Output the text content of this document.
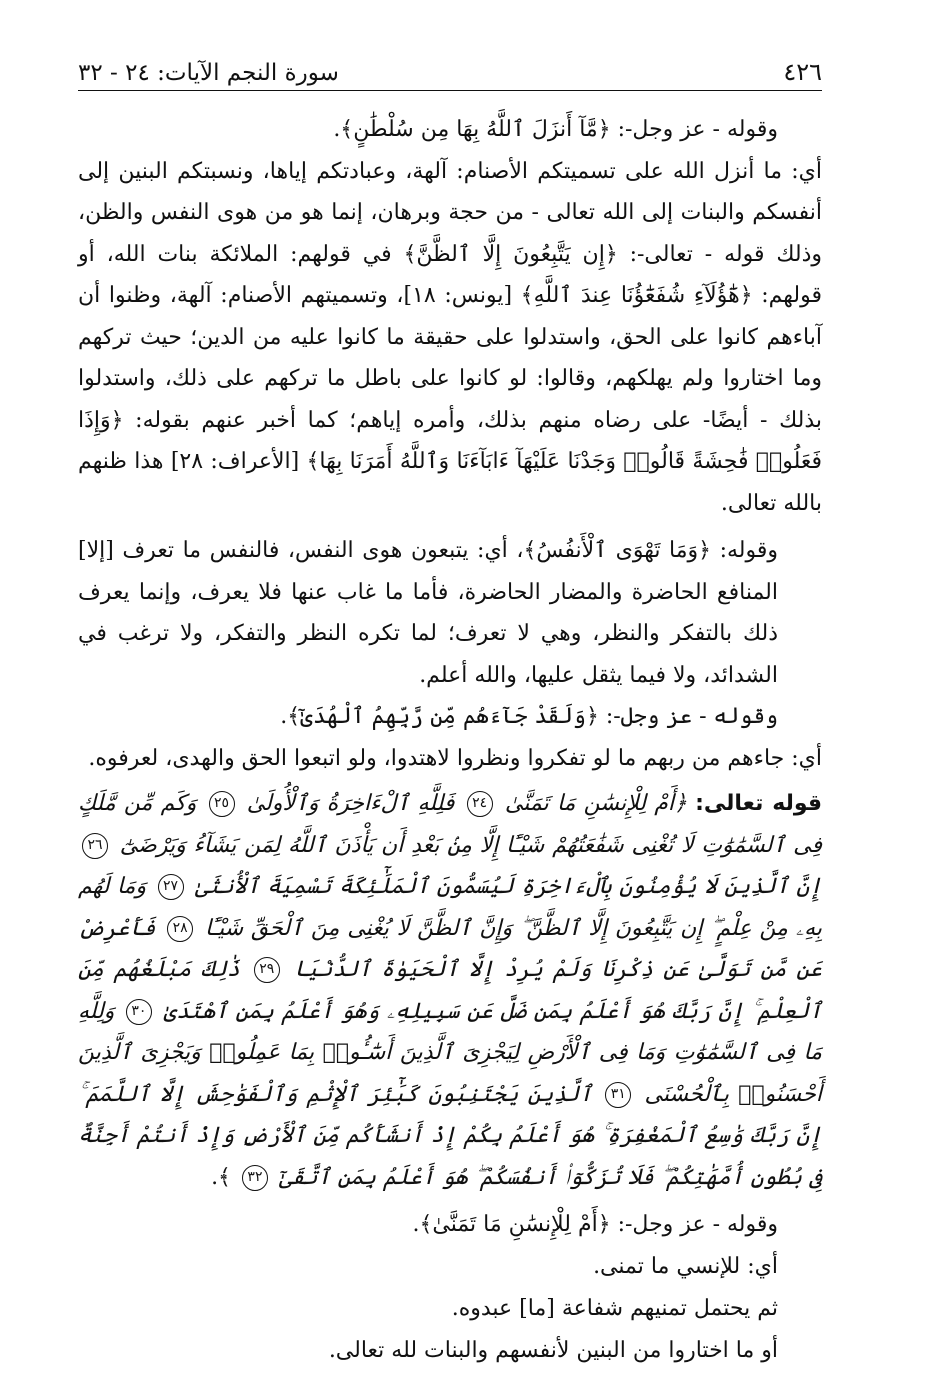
٤٢٦
سورة النجم الآيات: ٢٤ - ٣٢

وقوله - عز وجل-: ﴿مَّآ أَنزَلَ ٱللَّهُ بِهَا مِن سُلْطَٰنٍ﴾.

أي: ما أنزل الله على تسميتكم الأصنام: آلهة، وعبادتكم إياها، ونسبتكم البنين إلى أنفسكم والبنات إلى الله تعالى - من حجة وبرهان، إنما هو من هوى النفس والظن، وذلك قوله - تعالى-: ﴿إِن يَتَّبِعُونَ إِلَّا ٱلظَّنَّ﴾ في قولهم: الملائكة بنات الله، أو قولهم: ﴿هَٰٓؤُلَآءِ شُفَعَٰٓؤُنَا عِندَ ٱللَّهِ﴾ [يونس: ١٨]، وتسميتهم الأصنام: آلهة، وظنوا أن آباءهم كانوا على الحق، واستدلوا على حقيقة ما كانوا عليه من الدين؛ حيث تركهم وما اختاروا ولم يهلكهم، وقالوا: لو كانوا على باطل ما تركهم على ذلك، واستدلوا بذلك - أيضًا- على رضاه منهم بذلك، وأمره إياهم؛ كما أخبر عنهم بقوله: ﴿وَإِذَا فَعَلُوا۟ فَٰحِشَةً قَالُوا۟ وَجَدْنَا عَلَيْهَآ ءَابَآءَنَا وَٱللَّهُ أَمَرَنَا بِهَا﴾ [الأعراف: ٢٨] هذا ظنهم بالله تعالى.

وقوله: ﴿وَمَا تَهْوَى ٱلْأَنفُسُ﴾، أي: يتبعون هوى النفس، فالنفس ما تعرف [إلا] المنافع الحاضرة والمضار الحاضرة، فأما ما غاب عنها فلا يعرف، وإنما يعرف ذلك بالتفكر والنظر، وهي لا تعرف؛ لما تكره النظر والتفكر، ولا ترغب في الشدائد، ولا فيما يثقل عليها، والله أعلم.

وقوله - عز وجل-: ﴿وَلَقَدْ جَآءَهُم مِّن رَّبِّهِمُ ٱلْهُدَىٰٓ﴾.

أي: جاءهم من ربهم ما لو تفكروا ونظروا لاهتدوا، ولو اتبعوا الحق والهدى، لعرفوه.

قوله تعالى: ﴿أَمْ لِلْإِنسَٰنِ مَا تَمَنَّىٰ ٢٤ فَلِلَّهِ ٱلْءَاخِرَةُ وَٱلْأُولَىٰ ٢٥ وَكَم مِّن مَّلَكٍ فِى ٱلسَّمَٰوَٰتِ لَا تُغْنِى شَفَٰعَتُهُمْ شَيْـًٔا إِلَّا مِنۢ بَعْدِ أَن يَأْذَنَ ٱللَّهُ لِمَن يَشَآءُ وَيَرْضَىٰٓ ٢٦ إِنَّ ٱلَّذِينَ لَا يُؤْمِنُونَ بِٱلْءَاخِرَةِ لَيُسَمُّونَ ٱلْمَلَٰٓئِكَةَ تَسْمِيَةَ ٱلْأُنثَىٰ ٢٧ وَمَا لَهُم بِهِۦ مِنْ عِلْمٍ ۖ إِن يَتَّبِعُونَ إِلَّا ٱلظَّنَّ ۖ وَإِنَّ ٱلظَّنَّ لَا يُغْنِى مِنَ ٱلْحَقِّ شَيْـًٔا ٢٨ فَأَعْرِضْ عَن مَّن تَوَلَّىٰ عَن ذِكْرِنَا وَلَمْ يُرِدْ إِلَّا ٱلْحَيَوٰةَ ٱلدُّنْيَا ٢٩ ذَٰلِكَ مَبْلَغُهُم مِّنَ ٱلْعِلْمِ ۚ إِنَّ رَبَّكَ هُوَ أَعْلَمُ بِمَن ضَلَّ عَن سَبِيلِهِۦ وَهُوَ أَعْلَمُ بِمَنِ ٱهْتَدَىٰ ٣٠ وَلِلَّهِ مَا فِى ٱلسَّمَٰوَٰتِ وَمَا فِى ٱلْأَرْضِ لِيَجْزِىَ ٱلَّذِينَ أَسَٰٓـُٔوا۟ بِمَا عَمِلُوا۟ وَيَجْزِىَ ٱلَّذِينَ أَحْسَنُوا۟ بِٱلْحُسْنَى ٣١ ٱلَّذِينَ يَجْتَنِبُونَ كَبَٰٓئِرَ ٱلْإِثْمِ وَٱلْفَوَٰحِشَ إِلَّا ٱللَّمَمَ ۚ إِنَّ رَبَّكَ وَٰسِعُ ٱلْمَغْفِرَةِ ۚ هُوَ أَعْلَمُ بِكُمْ إِذْ أَنشَأَكُم مِّنَ ٱلْأَرْضِ وَإِذْ أَنتُمْ أَجِنَّةٌ فِى بُطُونِ أُمَّهَٰتِكُمْ ۖ فَلَا تُزَكُّوٓا۟ أَنفُسَكُمْ ۖ هُوَ أَعْلَمُ بِمَنِ ٱتَّقَىٰٓ ٣٢ ﴾.

وقوله - عز وجل-: ﴿أَمْ لِلْإِنسَٰنِ مَا تَمَنَّىٰ﴾.

أي: للإنسي ما تمنى.

ثم يحتمل تمنيهم شفاعة [ما] عبدوه.

أو ما اختاروا من البنين لأنفسهم والبنات لله تعالى.
